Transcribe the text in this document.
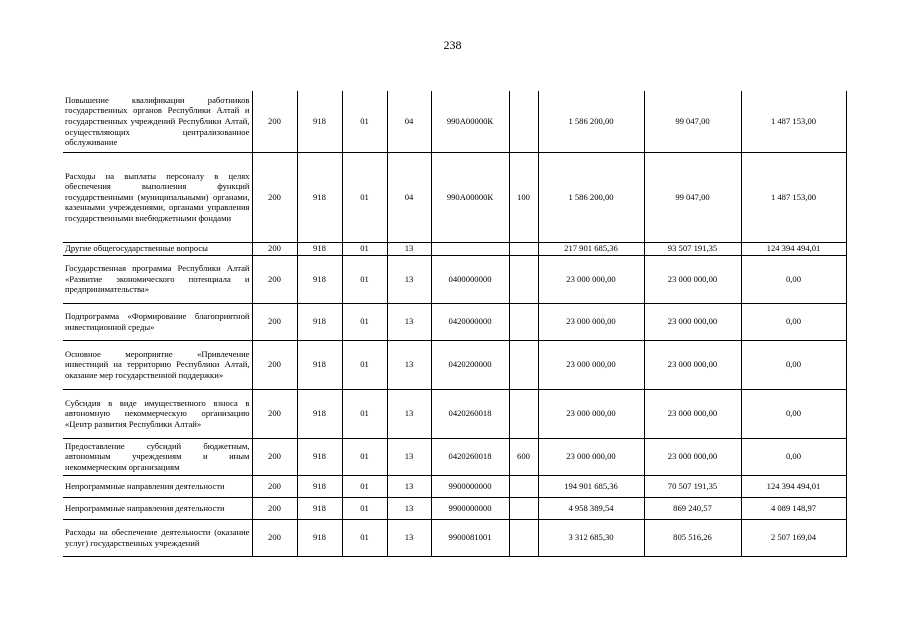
238
Повышение квалификации работников государственных органов Республики Алтай и государственных учреждений Республики Алтай, осуществляющих централизованное обслуживание	200	918	01	04	990А00000К		1 586 200,00	99 047,00	1 487 153,00
Расходы на выплаты персоналу в целях обеспечения выполнения функций государственными (муниципальными) органами, казенными учреждениями, органами управления государственными внебюджетными фондами	200	918	01	04	990А00000К	100	1 586 200,00	99 047,00	1 487 153,00
Другие общегосударственные вопросы	200	918	01	13			217 901 685,36	93 507 191,35	124 394 494,01
Государственная программа Республики Алтай «Развитие экономического потенциала и предпринимательства»	200	918	01	13	0400000000		23 000 000,00	23 000 000,00	0,00
Подпрограмма «Формирование благоприятной инвестиционной среды»	200	918	01	13	0420000000		23 000 000,00	23 000 000,00	0,00
Основное мероприятие «Привлечение инвестиций на территорию Республики Алтай, оказание мер государственной поддержки»	200	918	01	13	0420200000		23 000 000,00	23 000 000,00	0,00
Субсидия в виде имущественного взноса в автономную некоммерческую организацию «Центр развития Республики Алтай»	200	918	01	13	0420260018		23 000 000,00	23 000 000,00	0,00
Предоставление субсидий бюджетным, автономным учреждениям и иным некоммерческим организациям	200	918	01	13	0420260018	600	23 000 000,00	23 000 000,00	0,00
Непрограммные направления деятельности	200	918	01	13	9900000000		194 901 685,36	70 507 191,35	124 394 494,01
Непрограммные направления деятельности	200	918	01	13	9900000000		4 958 389,54	869 240,57	4 089 148,97
Расходы на обеспечение деятельности (оказание услуг) государственных учреждений	200	918	01	13	9900081001		3 312 685,30	805 516,26	2 507 169,04
